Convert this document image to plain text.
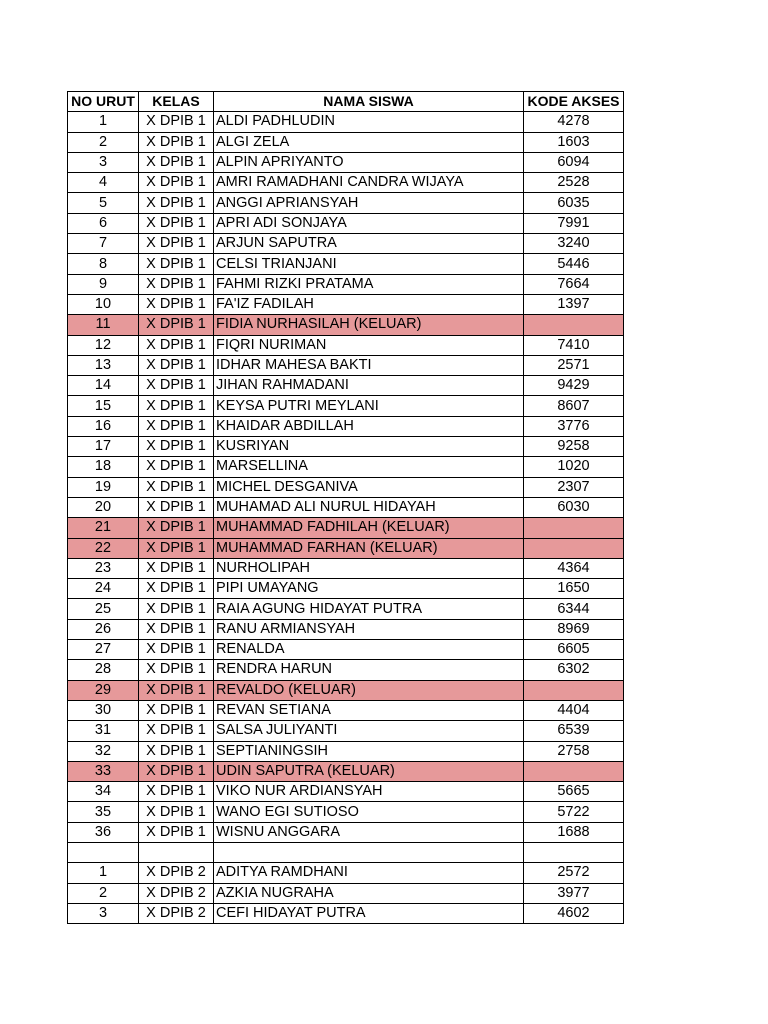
NO URUT	KELAS	NAMA SISWA	KODE AKSES
1	X DPIB 1	ALDI PADHLUDIN	4278
2	X DPIB 1	ALGI ZELA	1603
3	X DPIB 1	ALPIN APRIYANTO	6094
4	X DPIB 1	AMRI RAMADHANI CANDRA WIJAYA	2528
5	X DPIB 1	ANGGI APRIANSYAH	6035
6	X DPIB 1	APRI ADI SONJAYA	7991
7	X DPIB 1	ARJUN SAPUTRA	3240
8	X DPIB 1	CELSI TRIANJANI	5446
9	X DPIB 1	FAHMI RIZKI PRATAMA	7664
10	X DPIB 1	FA'IZ FADILAH	1397
11	X DPIB 1	FIDIA NURHASILAH (KELUAR)	
12	X DPIB 1	FIQRI NURIMAN	7410
13	X DPIB 1	IDHAR MAHESA BAKTI	2571
14	X DPIB 1	JIHAN RAHMADANI	9429
15	X DPIB 1	KEYSA PUTRI MEYLANI	8607
16	X DPIB 1	KHAIDAR ABDILLAH	3776
17	X DPIB 1	KUSRIYAN	9258
18	X DPIB 1	MARSELLINA	1020
19	X DPIB 1	MICHEL DESGANIVA	2307
20	X DPIB 1	MUHAMAD ALI NURUL HIDAYAH	6030
21	X DPIB 1	MUHAMMAD FADHILAH (KELUAR)	
22	X DPIB 1	MUHAMMAD FARHAN (KELUAR)	
23	X DPIB 1	NURHOLIPAH	4364
24	X DPIB 1	PIPI UMAYANG	1650
25	X DPIB 1	RAIA AGUNG HIDAYAT PUTRA	6344
26	X DPIB 1	RANU ARMIANSYAH	8969
27	X DPIB 1	RENALDA	6605
28	X DPIB 1	RENDRA HARUN	6302
29	X DPIB 1	REVALDO (KELUAR)	
30	X DPIB 1	REVAN SETIANA	4404
31	X DPIB 1	SALSA JULIYANTI	6539
32	X DPIB 1	SEPTIANINGSIH	2758
33	X DPIB 1	UDIN SAPUTRA (KELUAR)	
34	X DPIB 1	VIKO NUR ARDIANSYAH	5665
35	X DPIB 1	WANO EGI SUTIOSO	5722
36	X DPIB 1	WISNU ANGGARA	1688

1	X DPIB 2	ADITYA RAMDHANI	2572
2	X DPIB 2	AZKIA NUGRAHA	3977
3	X DPIB 2	CEFI HIDAYAT PUTRA	4602
